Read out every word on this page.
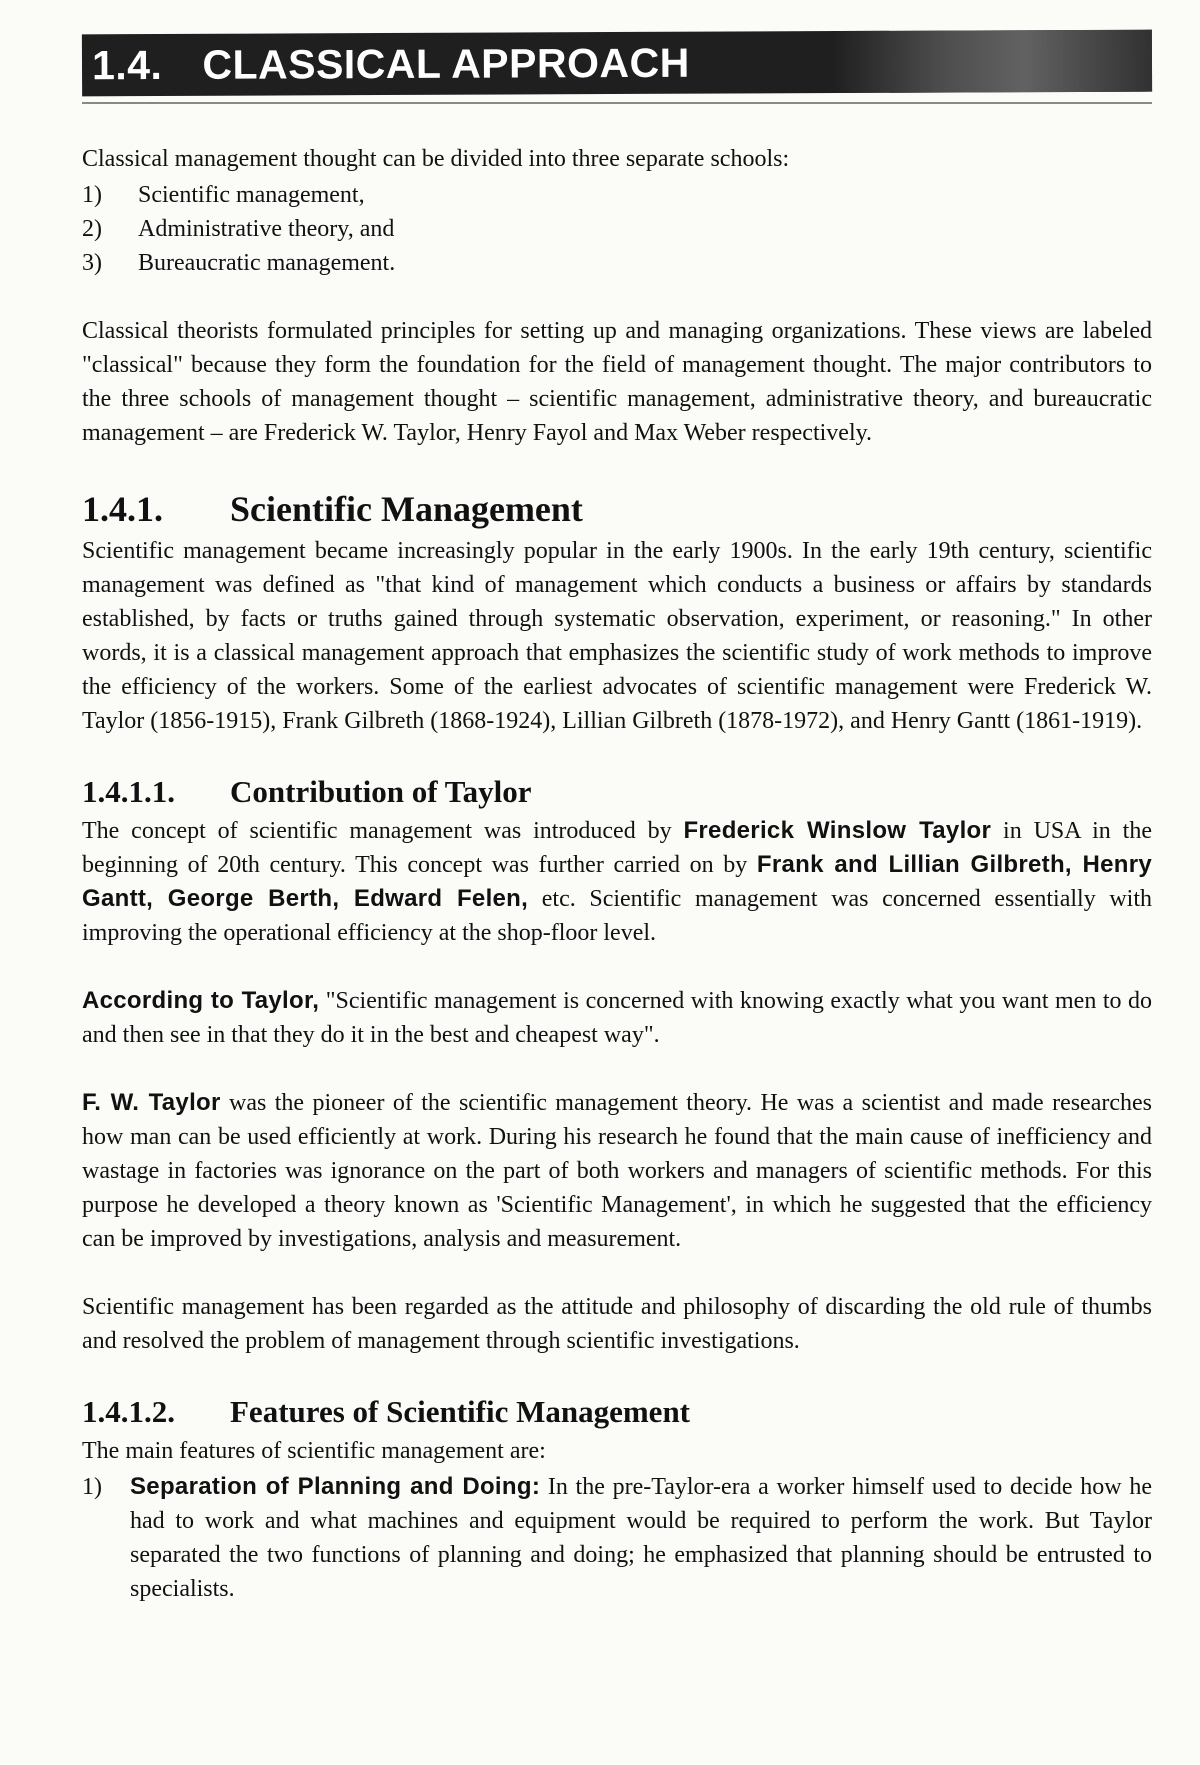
1.4. CLASSICAL APPROACH

Classical management thought can be divided into three separate schools:

1)	Scientific management,
2)	Administrative theory, and
3)	Bureaucratic management.

Classical theorists formulated principles for setting up and managing organizations. These views are labeled "classical" because they form the foundation for the field of management thought. The major contributors to the three schools of management thought – scientific management, administrative theory, and bureaucratic management – are Frederick W. Taylor, Henry Fayol and Max Weber respectively.

1.4.1.	Scientific Management

Scientific management became increasingly popular in the early 1900s. In the early 19th century, scientific management was defined as "that kind of management which conducts a business or affairs by standards established, by facts or truths gained through systematic observation, experiment, or reasoning." In other words, it is a classical management approach that emphasizes the scientific study of work methods to improve the efficiency of the workers. Some of the earliest advocates of scientific management were Frederick W. Taylor (1856-1915), Frank Gilbreth (1868-1924), Lillian Gilbreth (1878-1972), and Henry Gantt (1861-1919).

1.4.1.1.	Contribution of Taylor

The concept of scientific management was introduced by Frederick Winslow Taylor in USA in the beginning of 20th century. This concept was further carried on by Frank and Lillian Gilbreth, Henry Gantt, George Berth, Edward Felen, etc. Scientific management was concerned essentially with improving the operational efficiency at the shop-floor level.

According to Taylor, "Scientific management is concerned with knowing exactly what you want men to do and then see in that they do it in the best and cheapest way".

F. W. Taylor was the pioneer of the scientific management theory. He was a scientist and made researches how man can be used efficiently at work. During his research he found that the main cause of inefficiency and wastage in factories was ignorance on the part of both workers and managers of scientific methods. For this purpose he developed a theory known as 'Scientific Management', in which he suggested that the efficiency can be improved by investigations, analysis and measurement.

Scientific management has been regarded as the attitude and philosophy of discarding the old rule of thumbs and resolved the problem of management through scientific investigations.

1.4.1.2.	Features of Scientific Management

The main features of scientific management are:

1)	Separation of Planning and Doing: In the pre-Taylor-era a worker himself used to decide how he had to work and what machines and equipment would be required to perform the work. But Taylor separated the two functions of planning and doing; he emphasized that planning should be entrusted to specialists.
